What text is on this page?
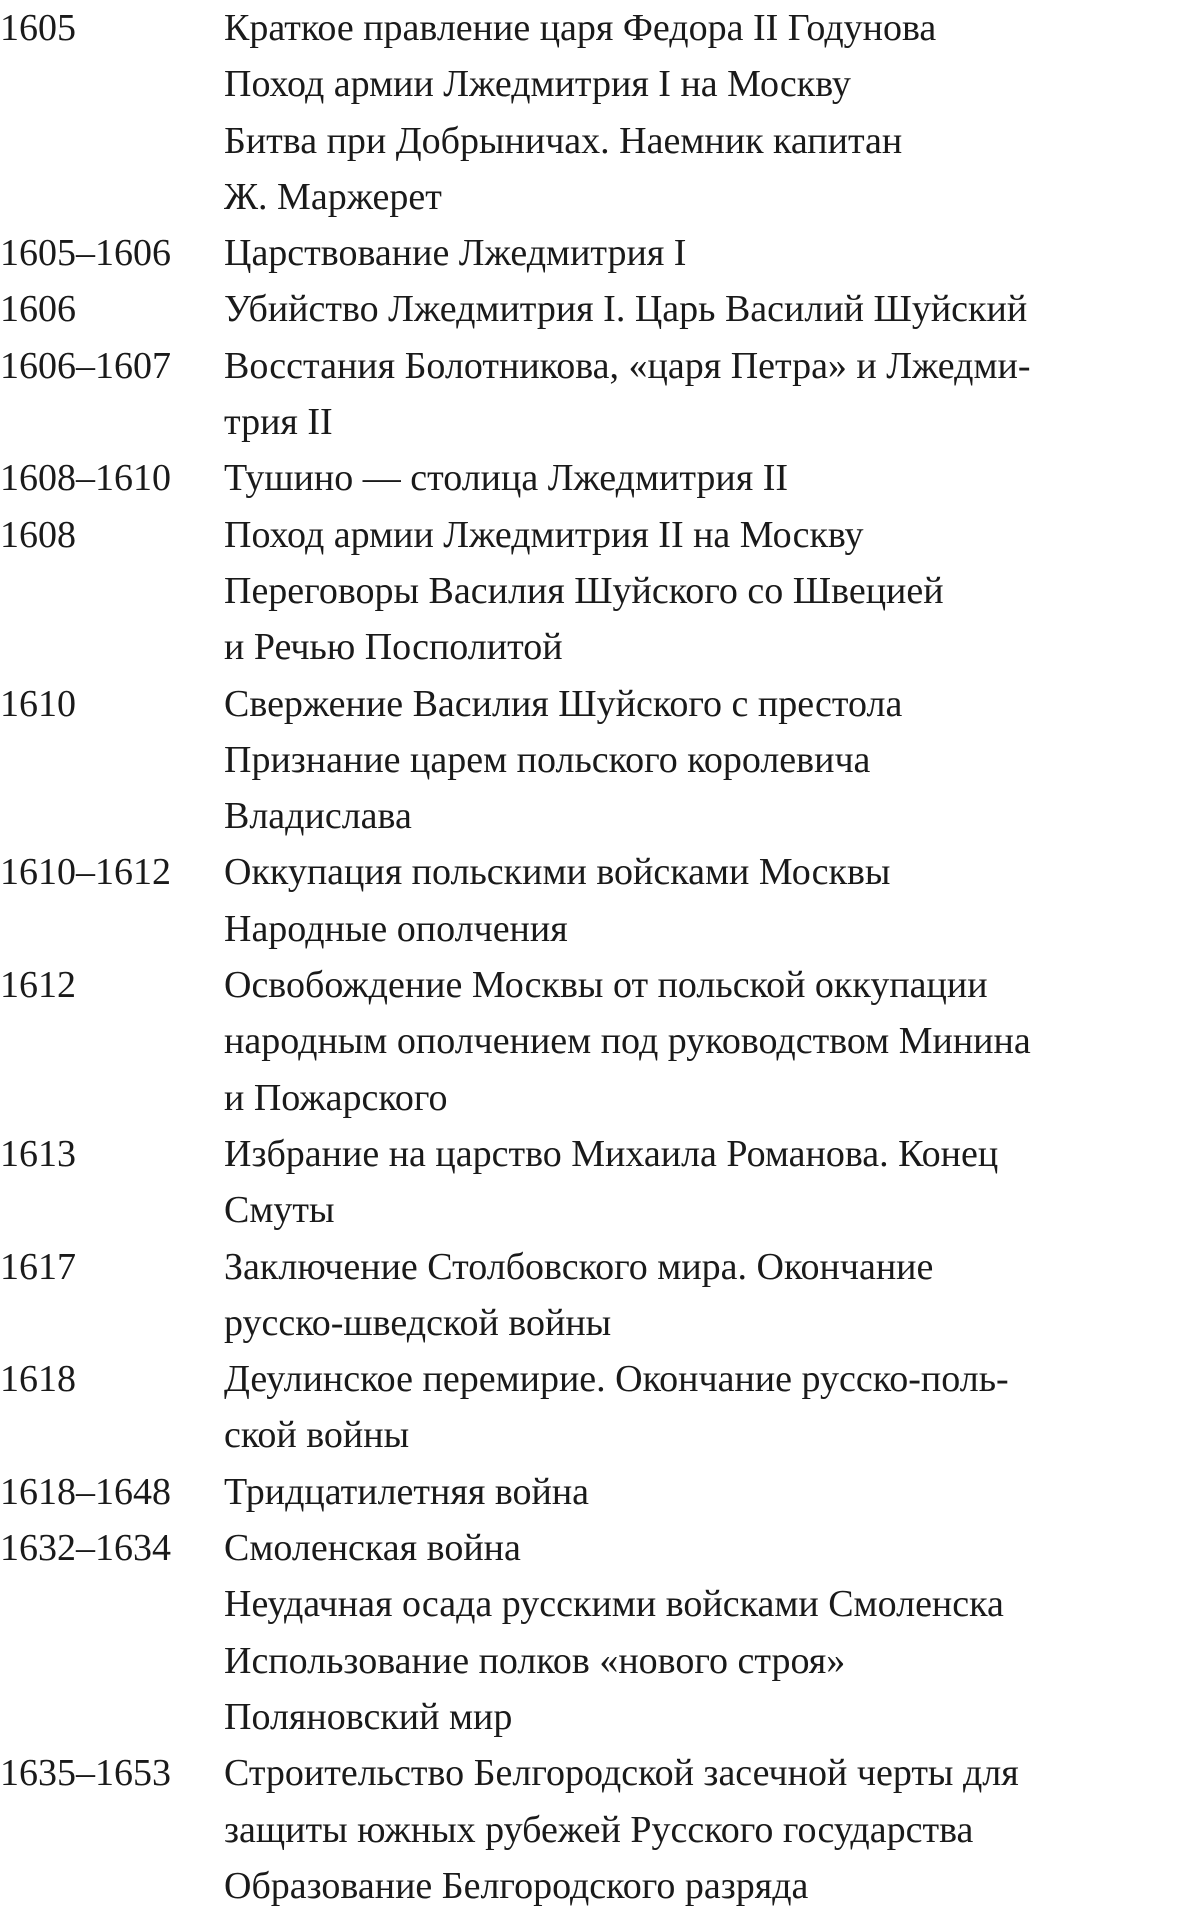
1605	Краткое правление царя Федора II Годунова
Поход армии Лжедмитрия I на Москву
Битва при Добрыничах. Наемник капитан
Ж. Маржерет
1605–1606	Царствование Лжедмитрия I
1606	Убийство Лжедмитрия I. Царь Василий Шуйский
1606–1607	Восстания Болотникова, «царя Петра» и Лжедми-
трия II
1608–1610	Тушино — столица Лжедмитрия II
1608	Поход армии Лжедмитрия II на Москву
Переговоры Василия Шуйского со Швецией
и Речью Посполитой
1610	Свержение Василия Шуйского с престола
Признание царем польского королевича
Владислава
1610–1612	Оккупация польскими войсками Москвы
Народные ополчения
1612	Освобождение Москвы от польской оккупации
народным ополчением под руководством Минина
и Пожарского
1613	Избрание на царство Михаила Романова. Конец
Смуты
1617	Заключение Столбовского мира. Окончание
русско-шведской войны
1618	Деулинское перемирие. Окончание русско-поль-
ской войны
1618–1648	Тридцатилетняя война
1632–1634	Смоленская война
Неудачная осада русскими войсками Смоленска
Использование полков «нового строя»
Поляновский мир
1635–1653	Строительство Белгородской засечной черты для
защиты южных рубежей Русского государства
Образование Белгородского разряда
